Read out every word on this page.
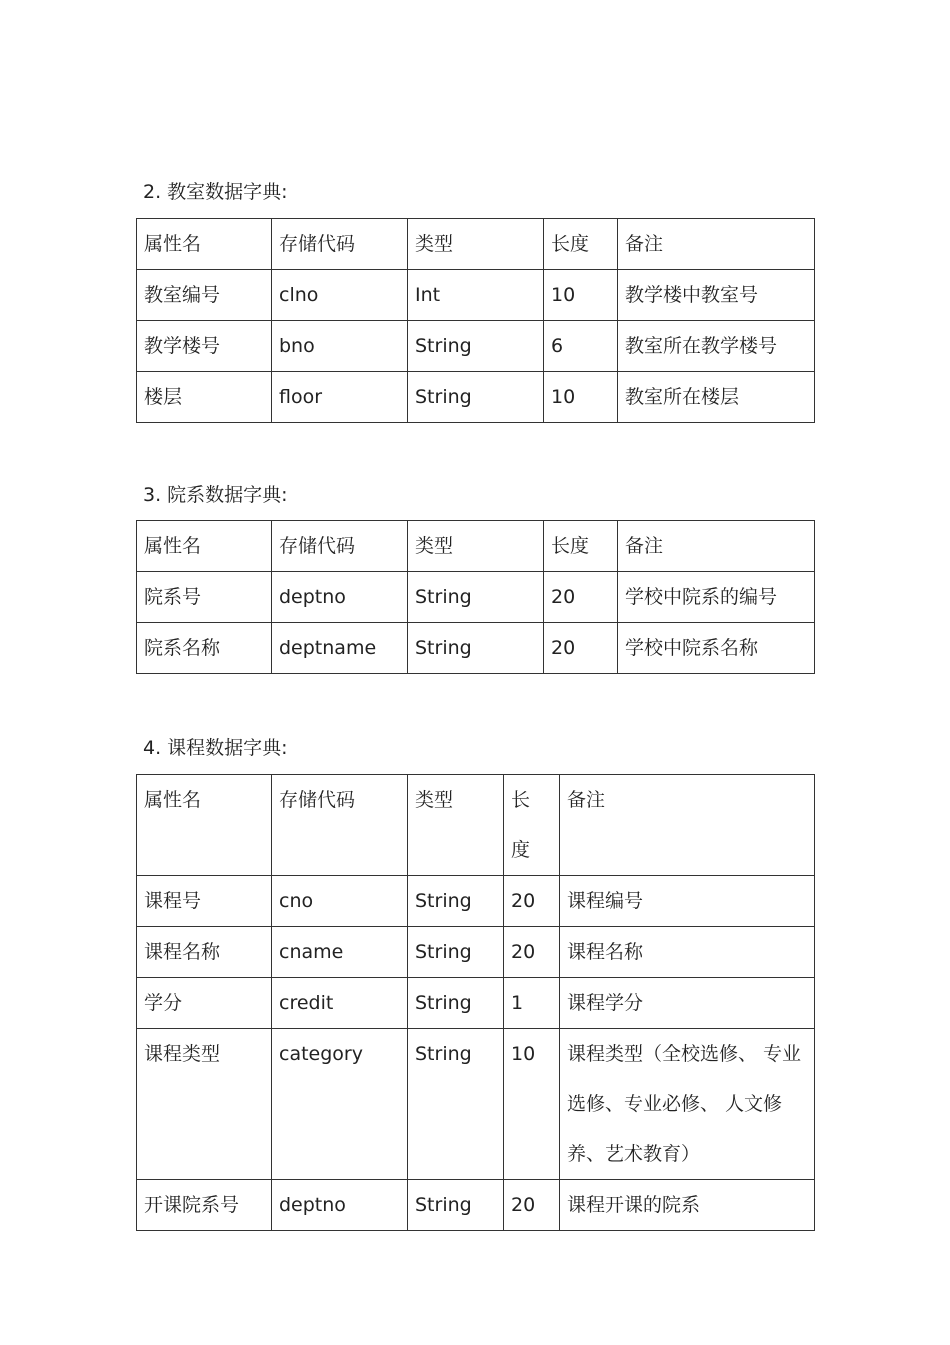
2. 教室数据字典:
属性名	存储代码	类型	长度	备注
教室编号	clno	Int	10	教学楼中教室号
教学楼号	bno	String	6	教室所在教学楼号
楼层	floor	String	10	教室所在楼层
3. 院系数据字典:
属性名	存储代码	类型	长度	备注
院系号	deptno	String	20	学校中院系的编号
院系名称	deptname	String	20	学校中院系名称
4. 课程数据字典:
属性名	存储代码	类型	长度	备注
课程号	cno	String	20	课程编号
课程名称	cname	String	20	课程名称
学分	credit	String	1	课程学分
课程类型	category	String	10	课程类型（全校选修、 专业选修、专业必修、 人文修养、艺术教育）
开课院系号	deptno	String	20	课程开课的院系
